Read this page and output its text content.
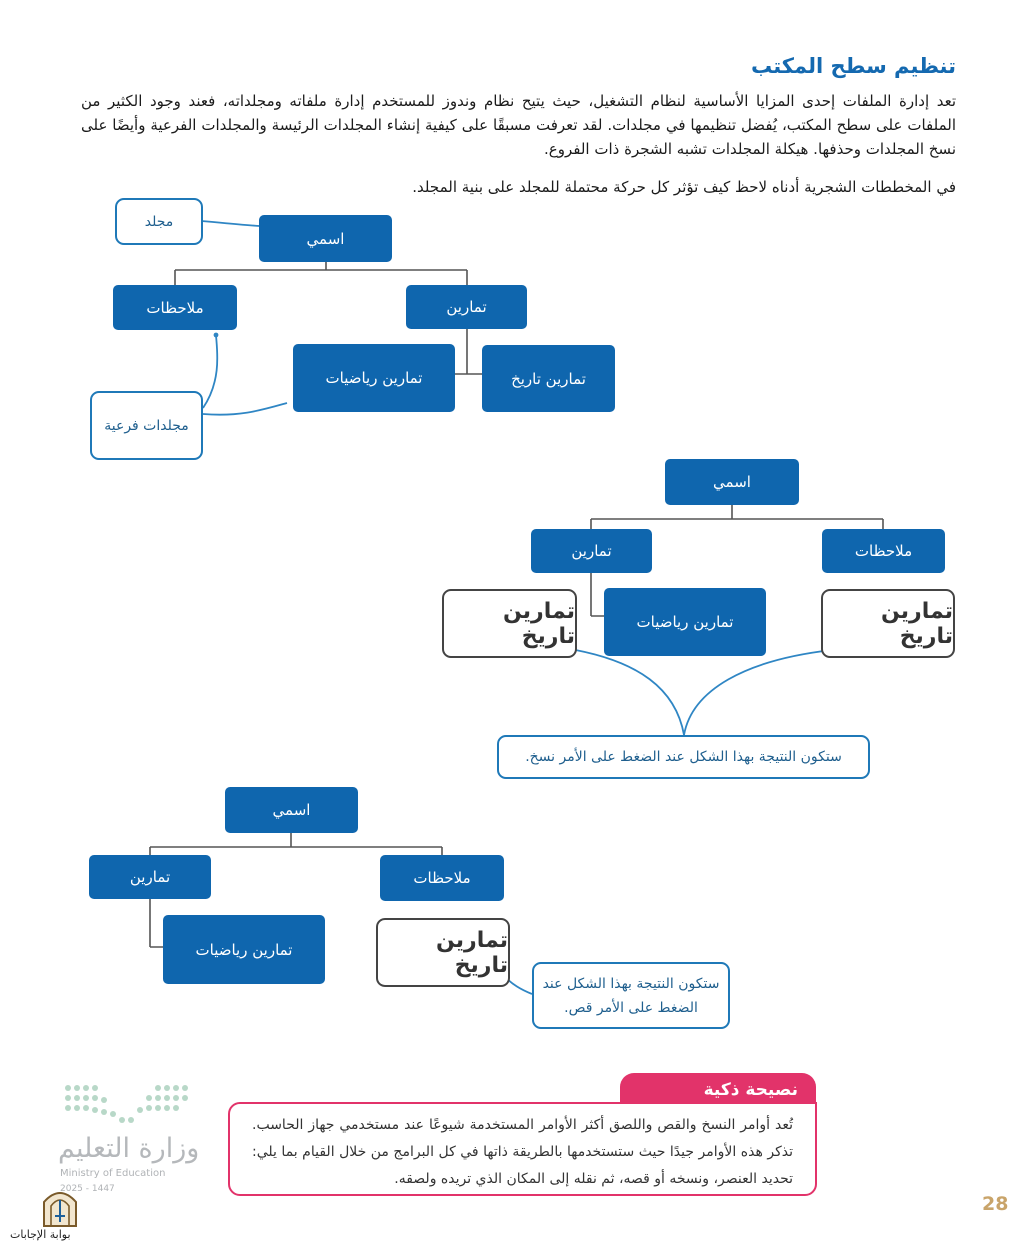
تنظيم سطح المكتب
تعد إدارة الملفات إحدى المزايا الأساسية لنظام التشغيل، حيث يتيح نظام وندوز للمستخدم إدارة ملفاته ومجلداته، فعند وجود الكثير من الملفات على سطح المكتب، يُفضل تنظيمها في مجلدات. لقد تعرفت مسبقًا على كيفية إنشاء المجلدات الرئيسة والمجلدات الفرعية وأيضًا على نسخ المجلدات وحذفها. هيكلة المجلدات تشبه الشجرة ذات الفروع.
في المخططات الشجرية أدناه لاحظ كيف تؤثر كل حركة محتملة للمجلد على بنية المجلد.
اسمي
ملاحظات	تمارين
تمارين رياضيات	تمارين تاريخ
مجلد
مجلدات فرعية
اسمي
تمارين	ملاحظات
تمارين تاريخ
تمارين رياضيات	تمارين تاريخ
ستكون النتيجة بهذا الشكل عند الضغط على الأمر نسخ.
اسمي
تمارين	ملاحظات
تمارين رياضيات	تمارين تاريخ
ستكون النتيجة بهذا الشكل عند الضغط على الأمر قص.
نصيحة ذكية
تُعد أوامر النسخ والقص واللصق أكثر الأوامر المستخدمة شيوعًا عند مستخدمي جهاز الحاسب. تذكر هذه الأوامر جيدًا حيث ستستخدمها بالطريقة ذاتها في كل البرامج من خلال القيام بما يلي: تحديد العنصر، ونسخه أو قصه، ثم نقله إلى المكان الذي تريده ولصقه.
وزارة التعليم
Ministry of Education
2025 - 1447
28
بوابة الإجابات
